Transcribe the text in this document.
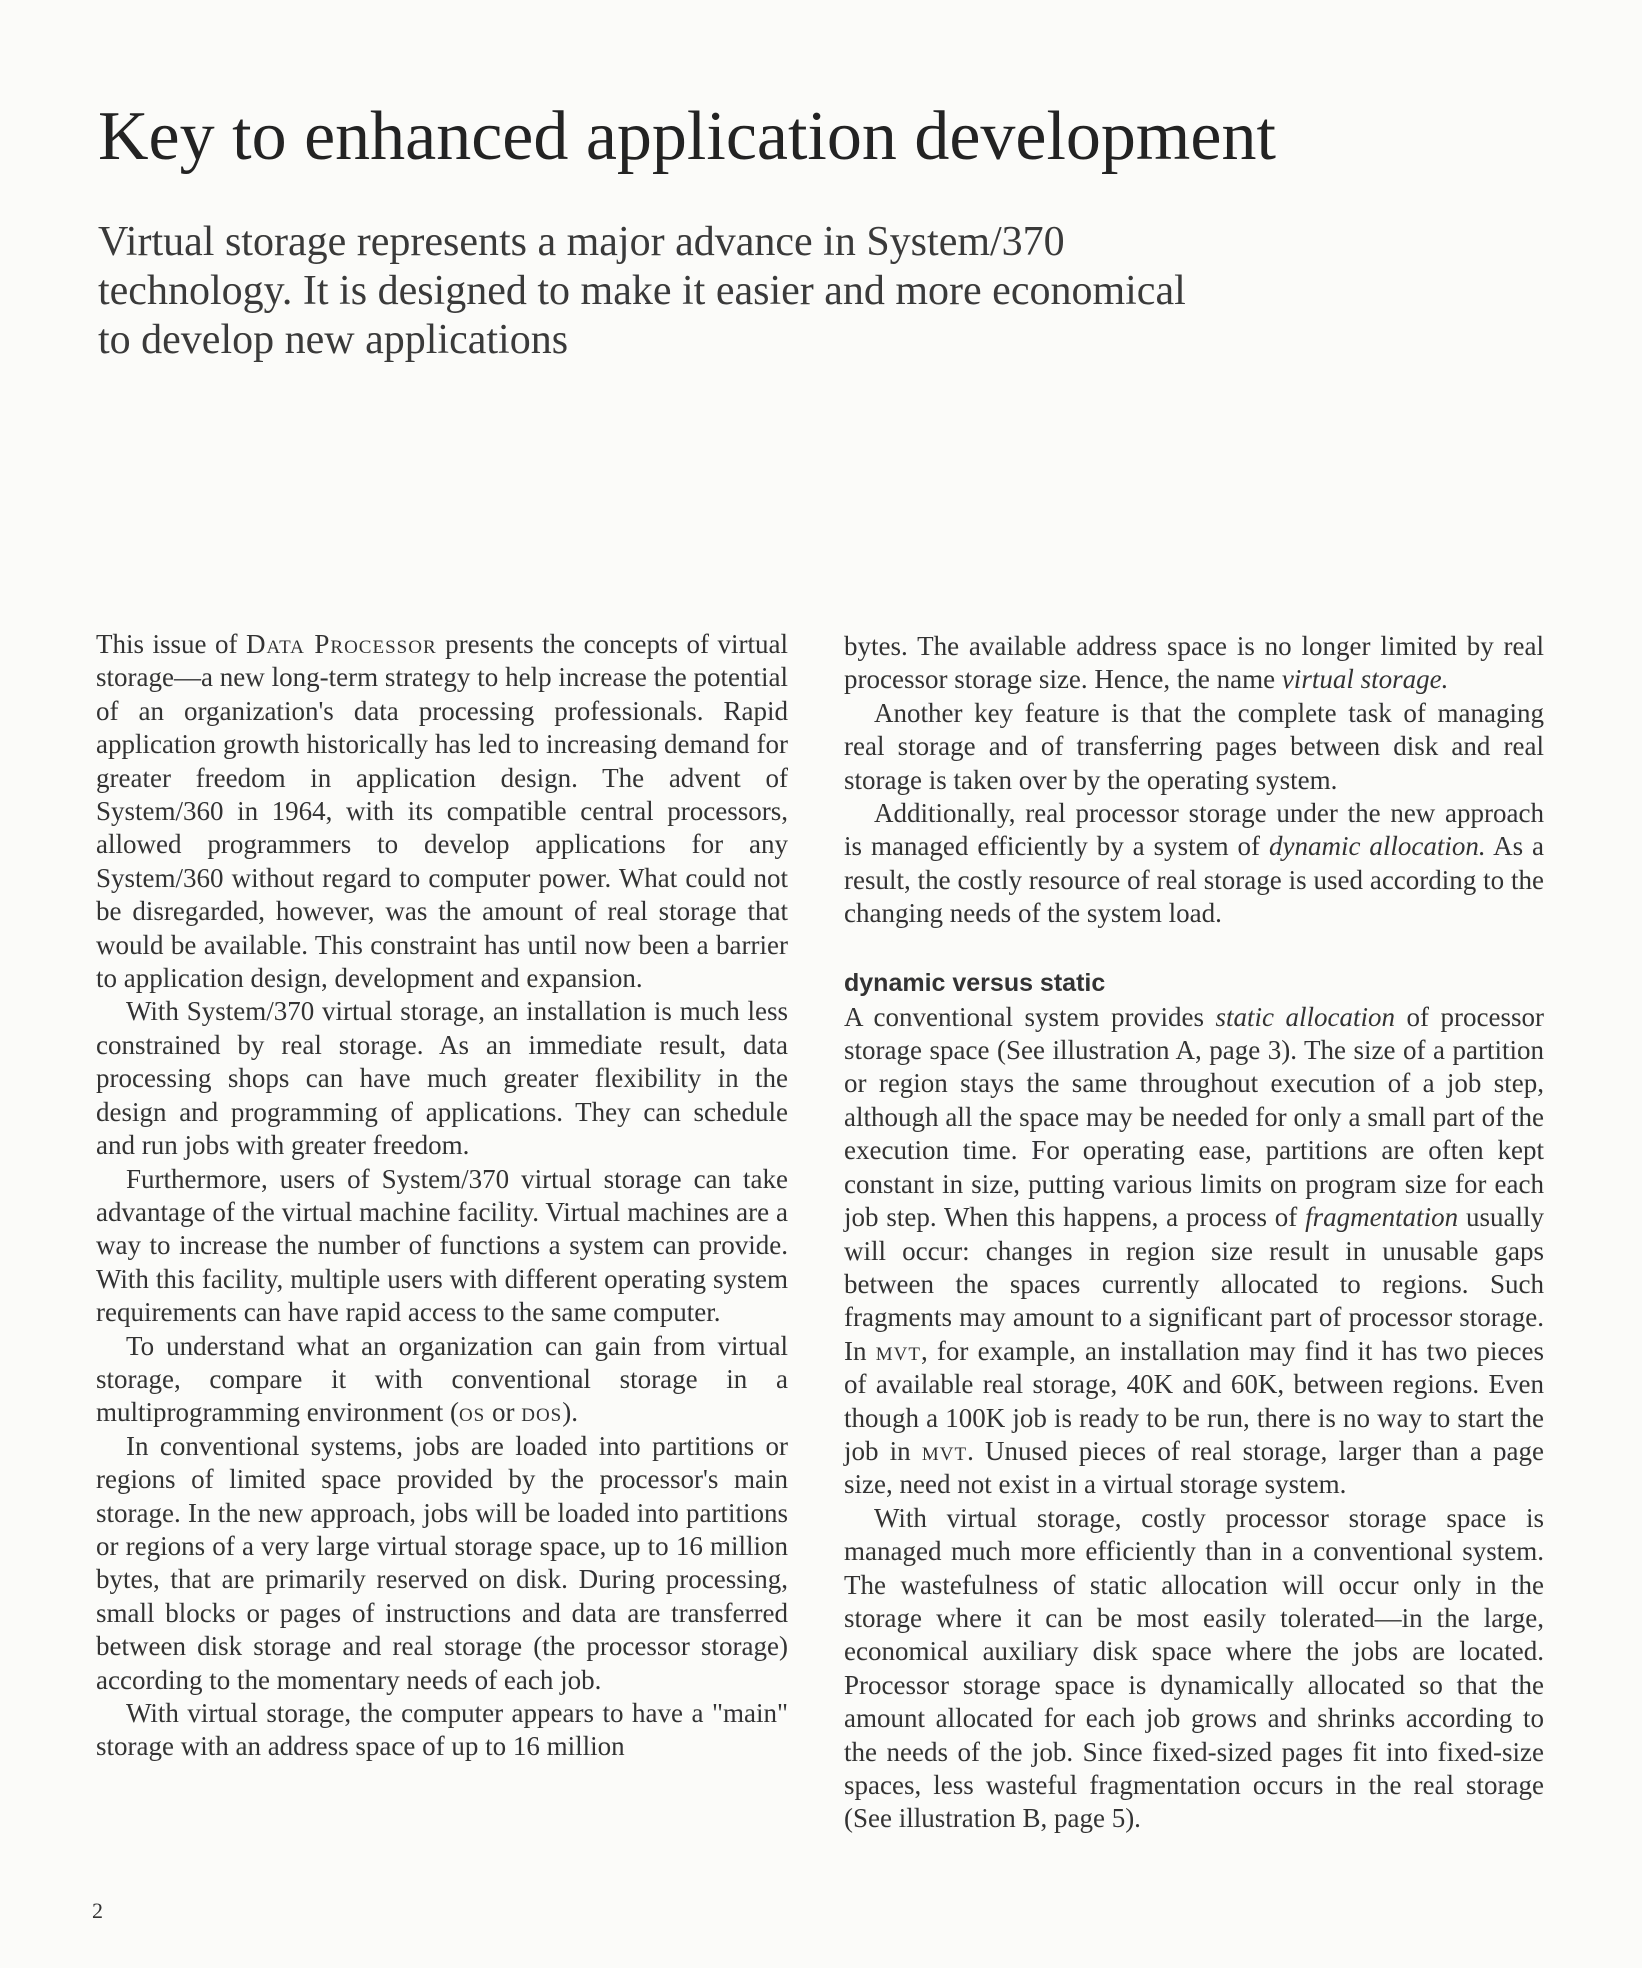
Key to enhanced application development

Virtual storage represents a major advance in System/370 technology. It is designed to make it easier and more economical to develop new applications

This issue of Data Processor presents the concepts of virtual storage—a new long-term strategy to help increase the potential of an organization's data processing professionals. Rapid application growth historically has led to increasing demand for greater freedom in application design. The advent of System/360 in 1964, with its compatible central processors, allowed programmers to develop applications for any System/360 without regard to computer power. What could not be disregarded, however, was the amount of real storage that would be available. This constraint has until now been a barrier to application design, development and expansion.

With System/370 virtual storage, an installation is much less constrained by real storage. As an immediate result, data processing shops can have much greater flexibility in the design and programming of applications. They can schedule and run jobs with greater freedom.

Furthermore, users of System/370 virtual storage can take advantage of the virtual machine facility. Virtual machines are a way to increase the number of functions a system can provide. With this facility, multiple users with different operating system requirements can have rapid access to the same computer.

To understand what an organization can gain from virtual storage, compare it with conventional storage in a multiprogramming environment (os or dos).

In conventional systems, jobs are loaded into partitions or regions of limited space provided by the processor's main storage. In the new approach, jobs will be loaded into partitions or regions of a very large virtual storage space, up to 16 million bytes, that are primarily reserved on disk. During processing, small blocks or pages of instructions and data are transferred between disk storage and real storage (the processor storage) according to the momentary needs of each job.

With virtual storage, the computer appears to have a "main" storage with an address space of up to 16 million

bytes. The available address space is no longer limited by real processor storage size. Hence, the name virtual storage.

Another key feature is that the complete task of managing real storage and of transferring pages between disk and real storage is taken over by the operating system.

Additionally, real processor storage under the new approach is managed efficiently by a system of dynamic allocation. As a result, the costly resource of real storage is used according to the changing needs of the system load.

dynamic versus static

A conventional system provides static allocation of processor storage space (See illustration A, page 3). The size of a partition or region stays the same throughout execution of a job step, although all the space may be needed for only a small part of the execution time. For operating ease, partitions are often kept constant in size, putting various limits on program size for each job step. When this happens, a process of fragmentation usually will occur: changes in region size result in unusable gaps between the spaces currently allocated to regions. Such fragments may amount to a significant part of processor storage. In mvt, for example, an installation may find it has two pieces of available real storage, 40K and 60K, between regions. Even though a 100K job is ready to be run, there is no way to start the job in mvt. Unused pieces of real storage, larger than a page size, need not exist in a virtual storage system.

With virtual storage, costly processor storage space is managed much more efficiently than in a conventional system. The wastefulness of static allocation will occur only in the storage where it can be most easily tolerated—in the large, economical auxiliary disk space where the jobs are located. Processor storage space is dynamically allocated so that the amount allocated for each job grows and shrinks according to the needs of the job. Since fixed-sized pages fit into fixed-size spaces, less wasteful fragmentation occurs in the real storage (See illustration B, page 5).

2
